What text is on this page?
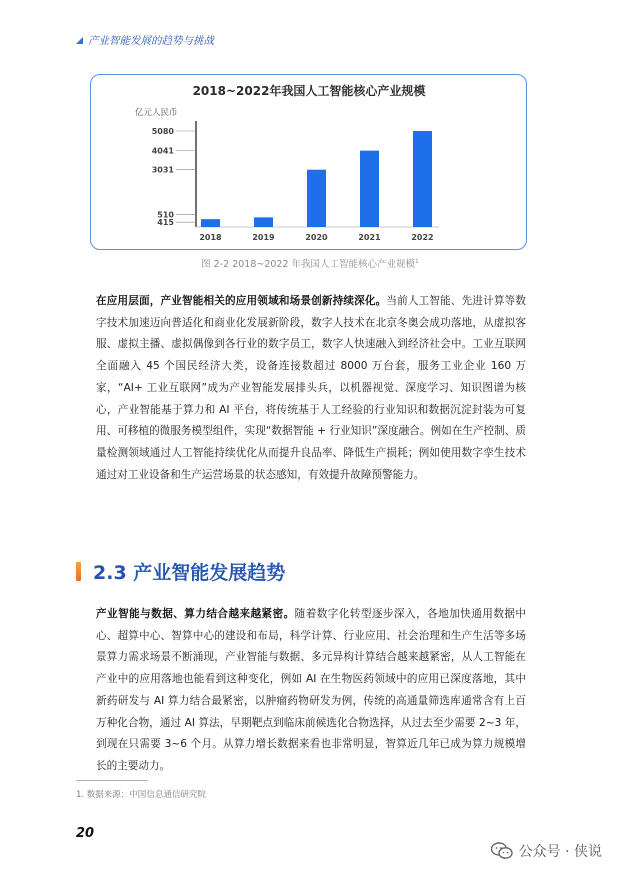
产业智能发展的趋势与挑战
2018~2022年我国人工智能核心产业规模
亿元人民币
5080
4041
3031
510
415
2018	2019	2020	2021	2022
图 2-2 2018~2022 年我国人工智能核心产业规模$^1$
在应用层面，产业智能相关的应用领域和场景创新持续深化。当前人工智能、先进计算等数字技术加速迈向普适化和商业化发展新阶段，数字人技术在北京冬奥会成功落地，从虚拟客服、虚拟主播、虚拟偶像到各行业的数字员工，数字人快速融入到经济社会中。工业互联网全面融入 45 个国民经济大类，设备连接数超过 8000 万台套，服务工业企业 160 万家，“AI+ 工业互联网”成为产业智能发展排头兵，以机器视觉、深度学习、知识图谱为核心，产业智能基于算力和 AI 平台，将传统基于人工经验的行业知识和数据沉淀封装为可复用、可移植的微服务模型组件，实现“数据智能 + 行业知识”深度融合。例如在生产控制、质量检测领域通过人工智能持续优化从而提升良品率、降低生产损耗；例如使用数字孪生技术通过对工业设备和生产运营场景的状态感知，有效提升故障预警能力。
2.3 产业智能发展趋势
产业智能与数据、算力结合越来越紧密。随着数字化转型逐步深入，各地加快通用数据中心、超算中心、智算中心的建设和布局，科学计算、行业应用、社会治理和生产生活等多场景算力需求场景不断涌现，产业智能与数据、多元异构计算结合越来越紧密，从人工智能在产业中的应用落地也能看到这种变化，例如 AI 在生物医药领域中的应用已深度落地，其中新药研发与 AI 算力结合最紧密，以肿瘤药物研发为例，传统的高通量筛选库通常含有上百万种化合物，通过 AI 算法，早期靶点到临床前候选化合物选择，从过去至少需要 2~3 年，到现在只需要 3~6 个月。从算力增长数据来看也非常明显，智算近几年已成为算力规模增长的主要动力。
1. 数据来源：中国信息通信研究院
20
公众号 · 侠说
